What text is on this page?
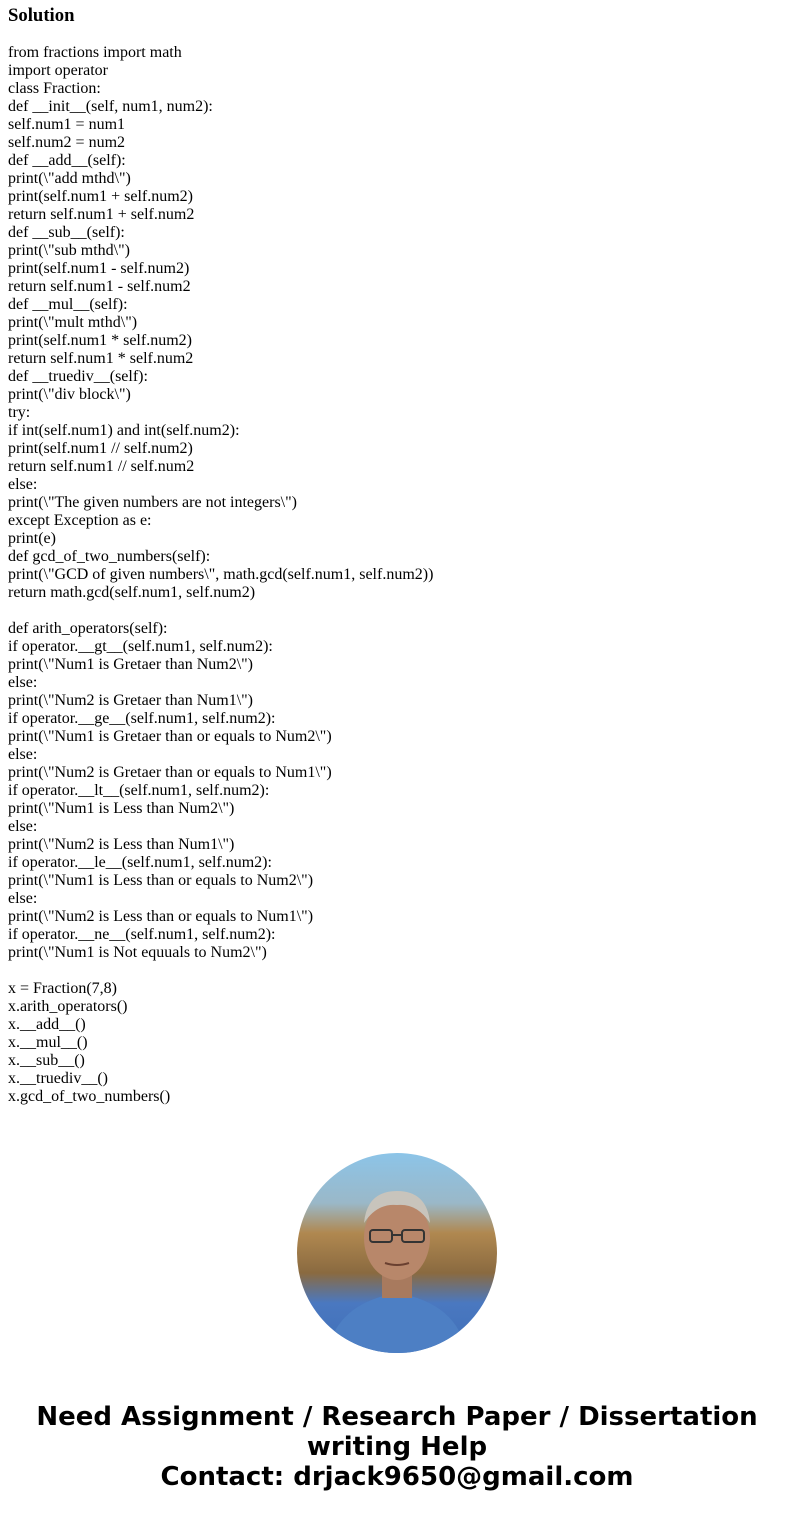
Solution
from fractions import math
import operator
class Fraction:
def __init__(self, num1, num2):
self.num1 = num1
self.num2 = num2
def __add__(self):
print(\"add mthd\")
print(self.num1 + self.num2)
return self.num1 + self.num2
def __sub__(self):
print(\"sub mthd\")
print(self.num1 - self.num2)
return self.num1 - self.num2
def __mul__(self):
print(\"mult mthd\")
print(self.num1 * self.num2)
return self.num1 * self.num2
def __truediv__(self):
print(\"div block\")
try:
if int(self.num1) and int(self.num2):
print(self.num1 // self.num2)
return self.num1 // self.num2
else:
print(\"The given numbers are not integers\")
except Exception as e:
print(e)
def gcd_of_two_numbers(self):
print(\"GCD of given numbers\", math.gcd(self.num1, self.num2))
return math.gcd(self.num1, self.num2)
def arith_operators(self):
if operator.__gt__(self.num1, self.num2):
print(\"Num1 is Gretaer than Num2\")
else:
print(\"Num2 is Gretaer than Num1\")
if operator.__ge__(self.num1, self.num2):
print(\"Num1 is Gretaer than or equals to Num2\")
else:
print(\"Num2 is Gretaer than or equals to Num1\")
if operator.__lt__(self.num1, self.num2):
print(\"Num1 is Less than Num2\")
else:
print(\"Num2 is Less than Num1\")
if operator.__le__(self.num1, self.num2):
print(\"Num1 is Less than or equals to Num2\")
else:
print(\"Num2 is Less than or equals to Num1\")
if operator.__ne__(self.num1, self.num2):
print(\"Num1 is Not equuals to Num2\")
x = Fraction(7,8)
x.arith_operators()
x.__add__()
x.__mul__()
x.__sub__()
x.__truediv__()
x.gcd_of_two_numbers()
Need Assignment / Research Paper / Dissertation
writing Help
Contact: drjack9650@gmail.com
